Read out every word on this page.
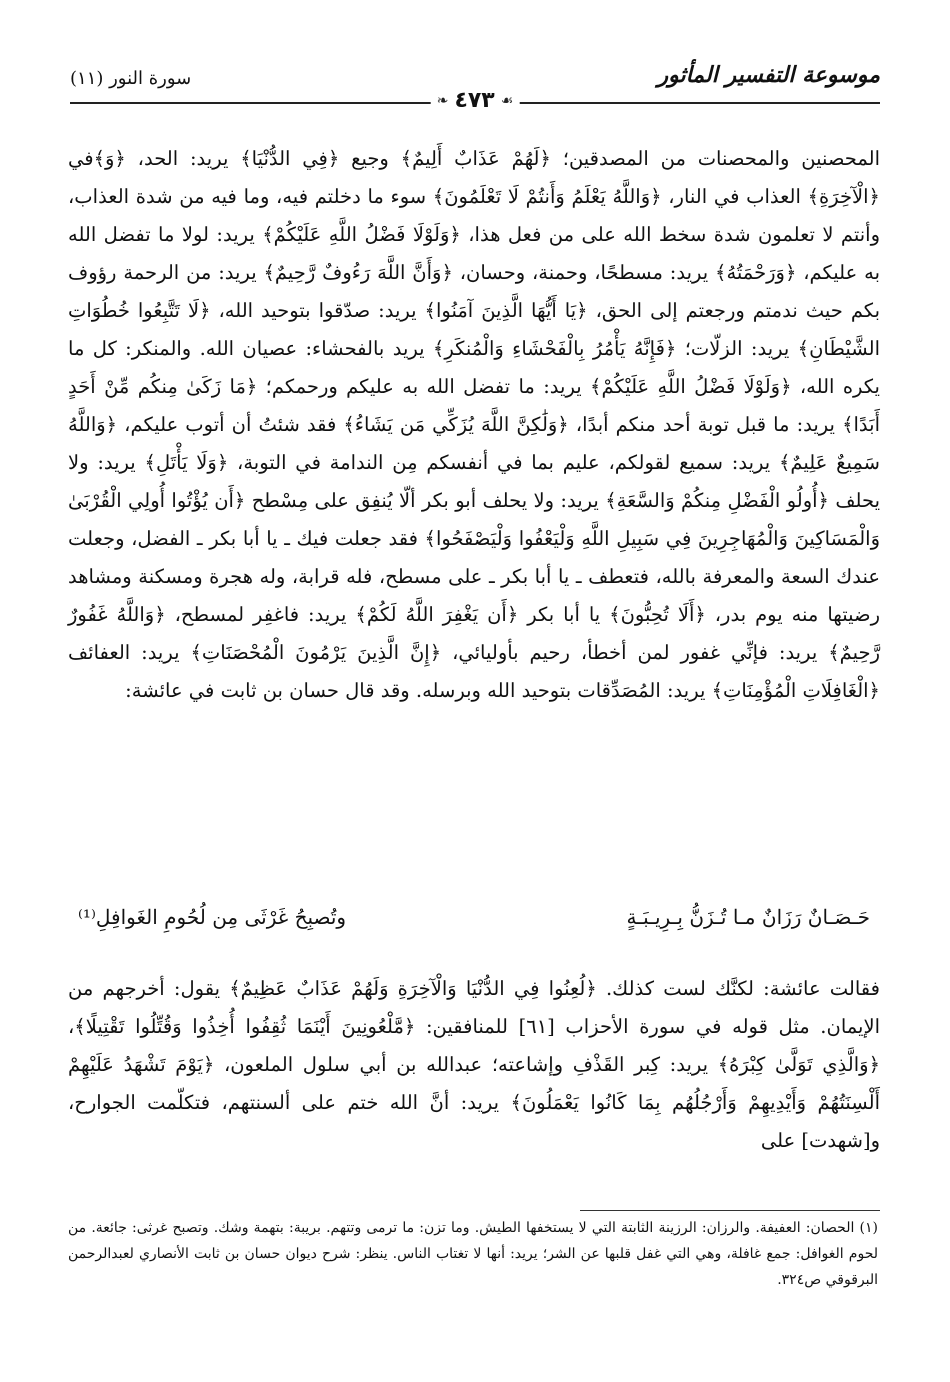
موسوعة التفسير المأثور
سورة النور (١١)
❧ ٤٧٣ ☙

المحصنين والمحصنات من المصدقين؛ ﴿لَهُمْ عَذَابٌ أَلِيمٌ﴾ وجيع ﴿فِي الدُّنْيَا﴾ يريد: الحد، ﴿وَ﴾في ﴿الْآخِرَةِ﴾ العذاب في النار، ﴿وَاللَّهُ يَعْلَمُ وَأَنتُمْ لَا تَعْلَمُونَ﴾ سوء ما دخلتم فيه، وما فيه من شدة العذاب، وأنتم لا تعلمون شدة سخط الله على من فعل هذا، ﴿وَلَوْلَا فَضْلُ اللَّهِ عَلَيْكُمْ﴾ يريد: لولا ما تفضل الله به عليكم، ﴿وَرَحْمَتُهُ﴾ يريد: مسطحًا، وحمنة، وحسان، ﴿وَأَنَّ اللَّهَ رَءُوفٌ رَّحِيمٌ﴾ يريد: من الرحمة رؤوف بكم حيث ندمتم ورجعتم إلى الحق، ﴿يَا أَيُّهَا الَّذِينَ آمَنُوا﴾ يريد: صدّقوا بتوحيد الله، ﴿لَا تَتَّبِعُوا خُطُوَاتِ الشَّيْطَانِ﴾ يريد: الزلّات؛ ﴿فَإِنَّهُ يَأْمُرُ بِالْفَحْشَاءِ وَالْمُنكَرِ﴾ يريد بالفحشاء: عصيان الله. والمنكر: كل ما يكره الله، ﴿وَلَوْلَا فَضْلُ اللَّهِ عَلَيْكُمْ﴾ يريد: ما تفضل الله به عليكم ورحمكم؛ ﴿مَا زَكَىٰ مِنكُم مِّنْ أَحَدٍ أَبَدًا﴾ يريد: ما قبل توبة أحد منكم أبدًا، ﴿وَلَٰكِنَّ اللَّهَ يُزَكِّي مَن يَشَاءُ﴾ فقد شئتُ أن أتوب عليكم، ﴿وَاللَّهُ سَمِيعٌ عَلِيمٌ﴾ يريد: سميع لقولكم، عليم بما في أنفسكم مِن الندامة في التوبة، ﴿وَلَا يَأْتَلِ﴾ يريد: ولا يحلف ﴿أُولُو الْفَضْلِ مِنكُمْ وَالسَّعَةِ﴾ يريد: ولا يحلف أبو بكر ألّا يُنفِق على مِسْطح ﴿أَن يُؤْتُوا أُولِي الْقُرْبَىٰ وَالْمَسَاكِينَ وَالْمُهَاجِرِينَ فِي سَبِيلِ اللَّهِ وَلْيَعْفُوا وَلْيَصْفَحُوا﴾ فقد جعلت فيك ـ يا أبا بكر ـ الفضل، وجعلت عندك السعة والمعرفة بالله، فتعطف ـ يا أبا بكر ـ على مسطح، فله قرابة، وله هجرة ومسكنة ومشاهد رضيتها منه يوم بدر، ﴿أَلَا تُحِبُّونَ﴾ يا أبا بكر ﴿أَن يَغْفِرَ اللَّهُ لَكُمْ﴾ يريد: فاغفِر لمسطح، ﴿وَاللَّهُ غَفُورٌ رَّحِيمٌ﴾ يريد: فإنِّي غفور لمن أخطأ، رحيم بأوليائي، ﴿إِنَّ الَّذِينَ يَرْمُونَ الْمُحْصَنَاتِ﴾ يريد: العفائف ﴿الْغَافِلَاتِ الْمُؤْمِنَاتِ﴾ يريد: المُصَدِّقات بتوحيد الله وبرسله. وقد قال حسان بن ثابت في عائشة:

حَـصَـانٌ رَزَانٌ مـا تُـزَنُّ بِـرِيـبَـةٍ
وتُصبِحُ غَرْثَى مِن لُحُومِ الغَوافِلِ⁽¹⁾

فقالت عائشة: لكنَّك لست كذلك. ﴿لُعِنُوا فِي الدُّنْيَا وَالْآخِرَةِ وَلَهُمْ عَذَابٌ عَظِيمٌ﴾ يقول: أخرجهم من الإيمان. مثل قوله في سورة الأحزاب [٦١] للمنافقين: ﴿مَّلْعُونِينَ أَيْنَمَا ثُقِفُوا أُخِذُوا وَقُتِّلُوا تَقْتِيلًا﴾، ﴿وَالَّذِي تَوَلَّىٰ كِبْرَهُ﴾ يريد: كِبر القَذْفِ وإشاعته؛ عبدالله بن أبي سلول الملعون، ﴿يَوْمَ تَشْهَدُ عَلَيْهِمْ أَلْسِنَتُهُمْ وَأَيْدِيهِمْ وَأَرْجُلُهُم بِمَا كَانُوا يَعْمَلُونَ﴾ يريد: أنَّ الله ختم على ألسنتهم، فتكلّمت الجوارح، و[شهدت] على

(١) الحصان: العفيفة. والرزان: الرزينة الثابتة التي لا يستخفها الطيش. وما تزن: ما ترمى وتتهم. بريبة: بتهمة وشك. وتصبح غرثى: جائعة. من لحوم الغوافل: جمع غافلة، وهي التي غفل قلبها عن الشر؛ يريد: أنها لا تغتاب الناس. ينظر: شرح ديوان حسان بن ثابت الأنصاري لعبدالرحمن البرقوقي ص٣٢٤.
